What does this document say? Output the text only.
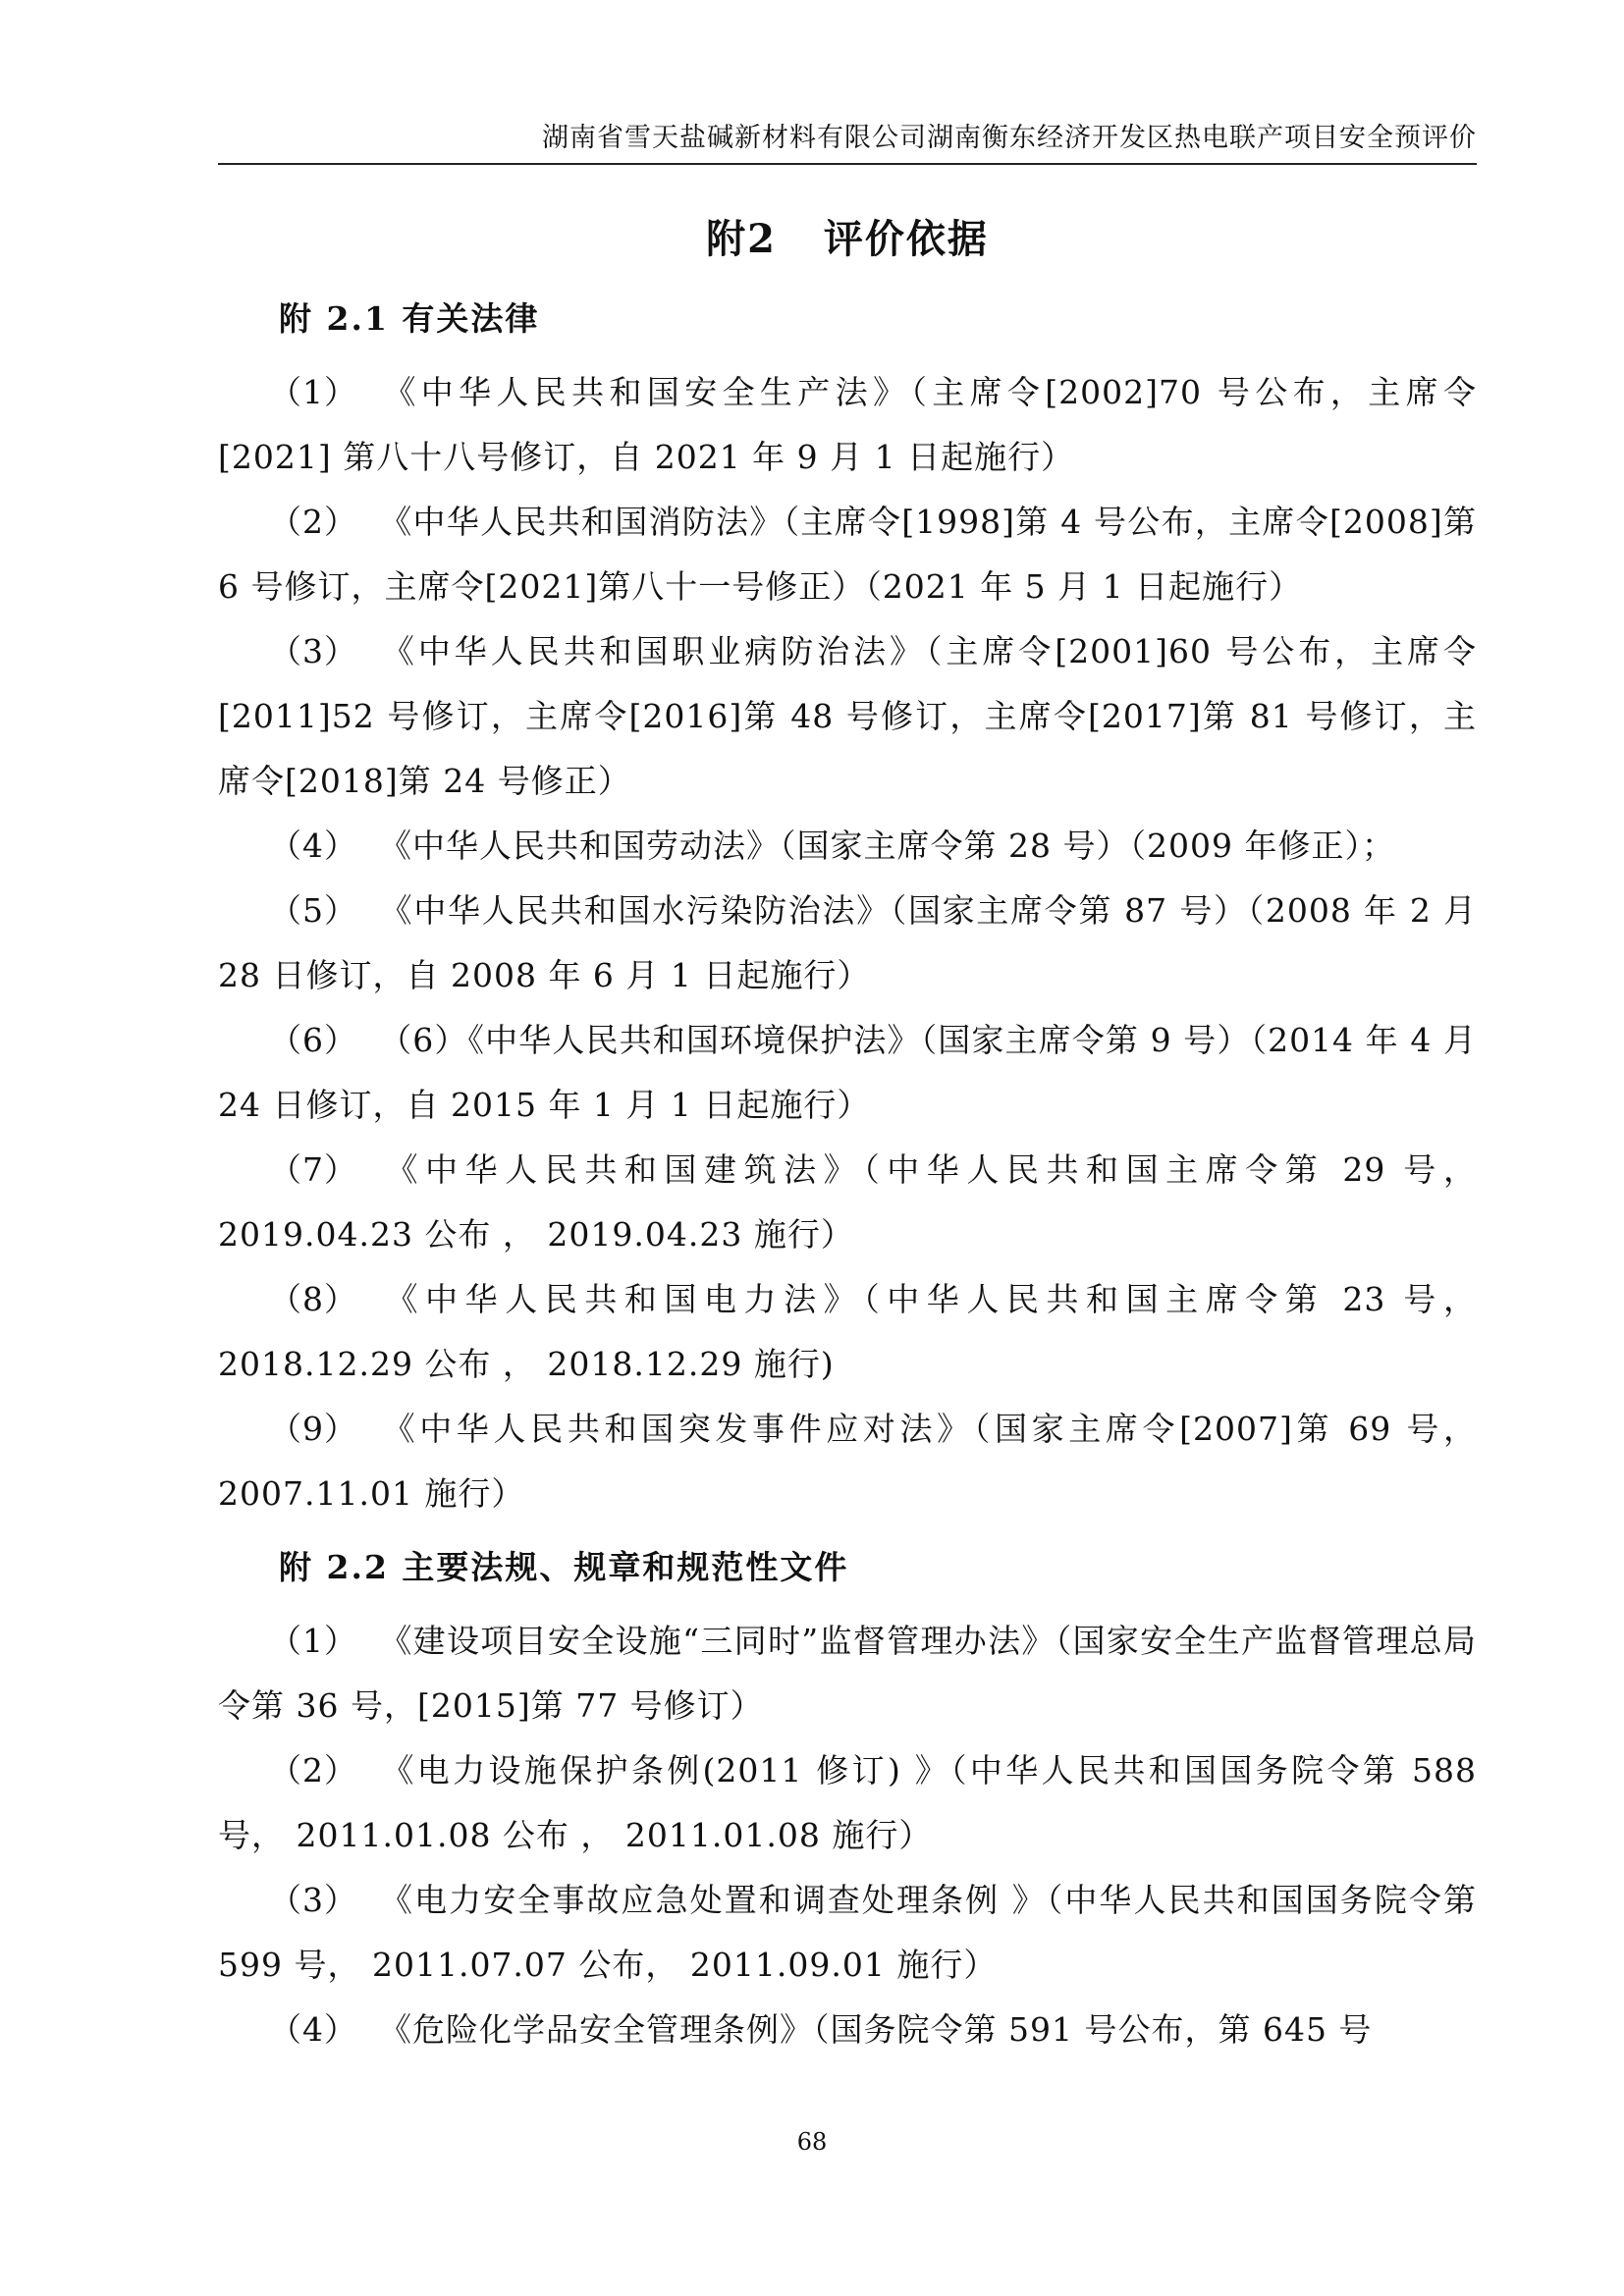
湖南省雪天盐碱新材料有限公司湖南衡东经济开发区热电联产项目安全预评价
附2 评价依据
附 2.1 有关法律

（1） 《中华人民共和国安全生产法》（主席令[2002]70 号公布，主席令[2021] 第八十八号修订，自 2021 年 9 月 1 日起施行）

（2） 《中华人民共和国消防法》（主席令[1998]第 4 号公布，主席令[2008]第 6 号修订，主席令[2021]第八十一号修正）（2021 年 5 月 1 日起施行）

（3） 《中华人民共和国职业病防治法》（主席令[2001]60 号公布，主席令[2011]52 号修订，主席令[2016]第 48 号修订，主席令[2017]第 81 号修订，主席令[2018]第 24 号修正）

（4） 《中华人民共和国劳动法》（国家主席令第 28 号）（2009 年修正）；

（5） 《中华人民共和国水污染防治法》（国家主席令第 87 号）（2008 年 2 月 28 日修订，自 2008 年 6 月 1 日起施行）

（6） （6）《中华人民共和国环境保护法》（国家主席令第 9 号）（2014 年 4 月 24 日修订，自 2015 年 1 月 1 日起施行）

（7） 《中华人民共和国建筑法》（中华人民共和国主席令第 29 号，2019.04.23 公布 ， 2019.04.23 施行）

（8） 《中华人民共和国电力法》（中华人民共和国主席令第 23 号，2018.12.29 公布 ， 2018.12.29 施行)

（9） 《中华人民共和国突发事件应对法》（国家主席令[2007]第 69 号，2007.11.01 施行）

附 2.2 主要法规、规章和规范性文件

（1） 《建设项目安全设施“三同时”监督管理办法》（国家安全生产监督管理总局令第 36 号，[2015]第 77 号修订）

（2） 《电力设施保护条例(2011 修订) 》（中华人民共和国国务院令第 588 号， 2011.01.08 公布 ， 2011.01.08 施行）

（3） 《电力安全事故应急处置和调查处理条例 》（中华人民共和国国务院令第 599 号， 2011.07.07 公布， 2011.09.01 施行）

（4） 《危险化学品安全管理条例》（国务院令第 591 号公布，第 645 号

68
